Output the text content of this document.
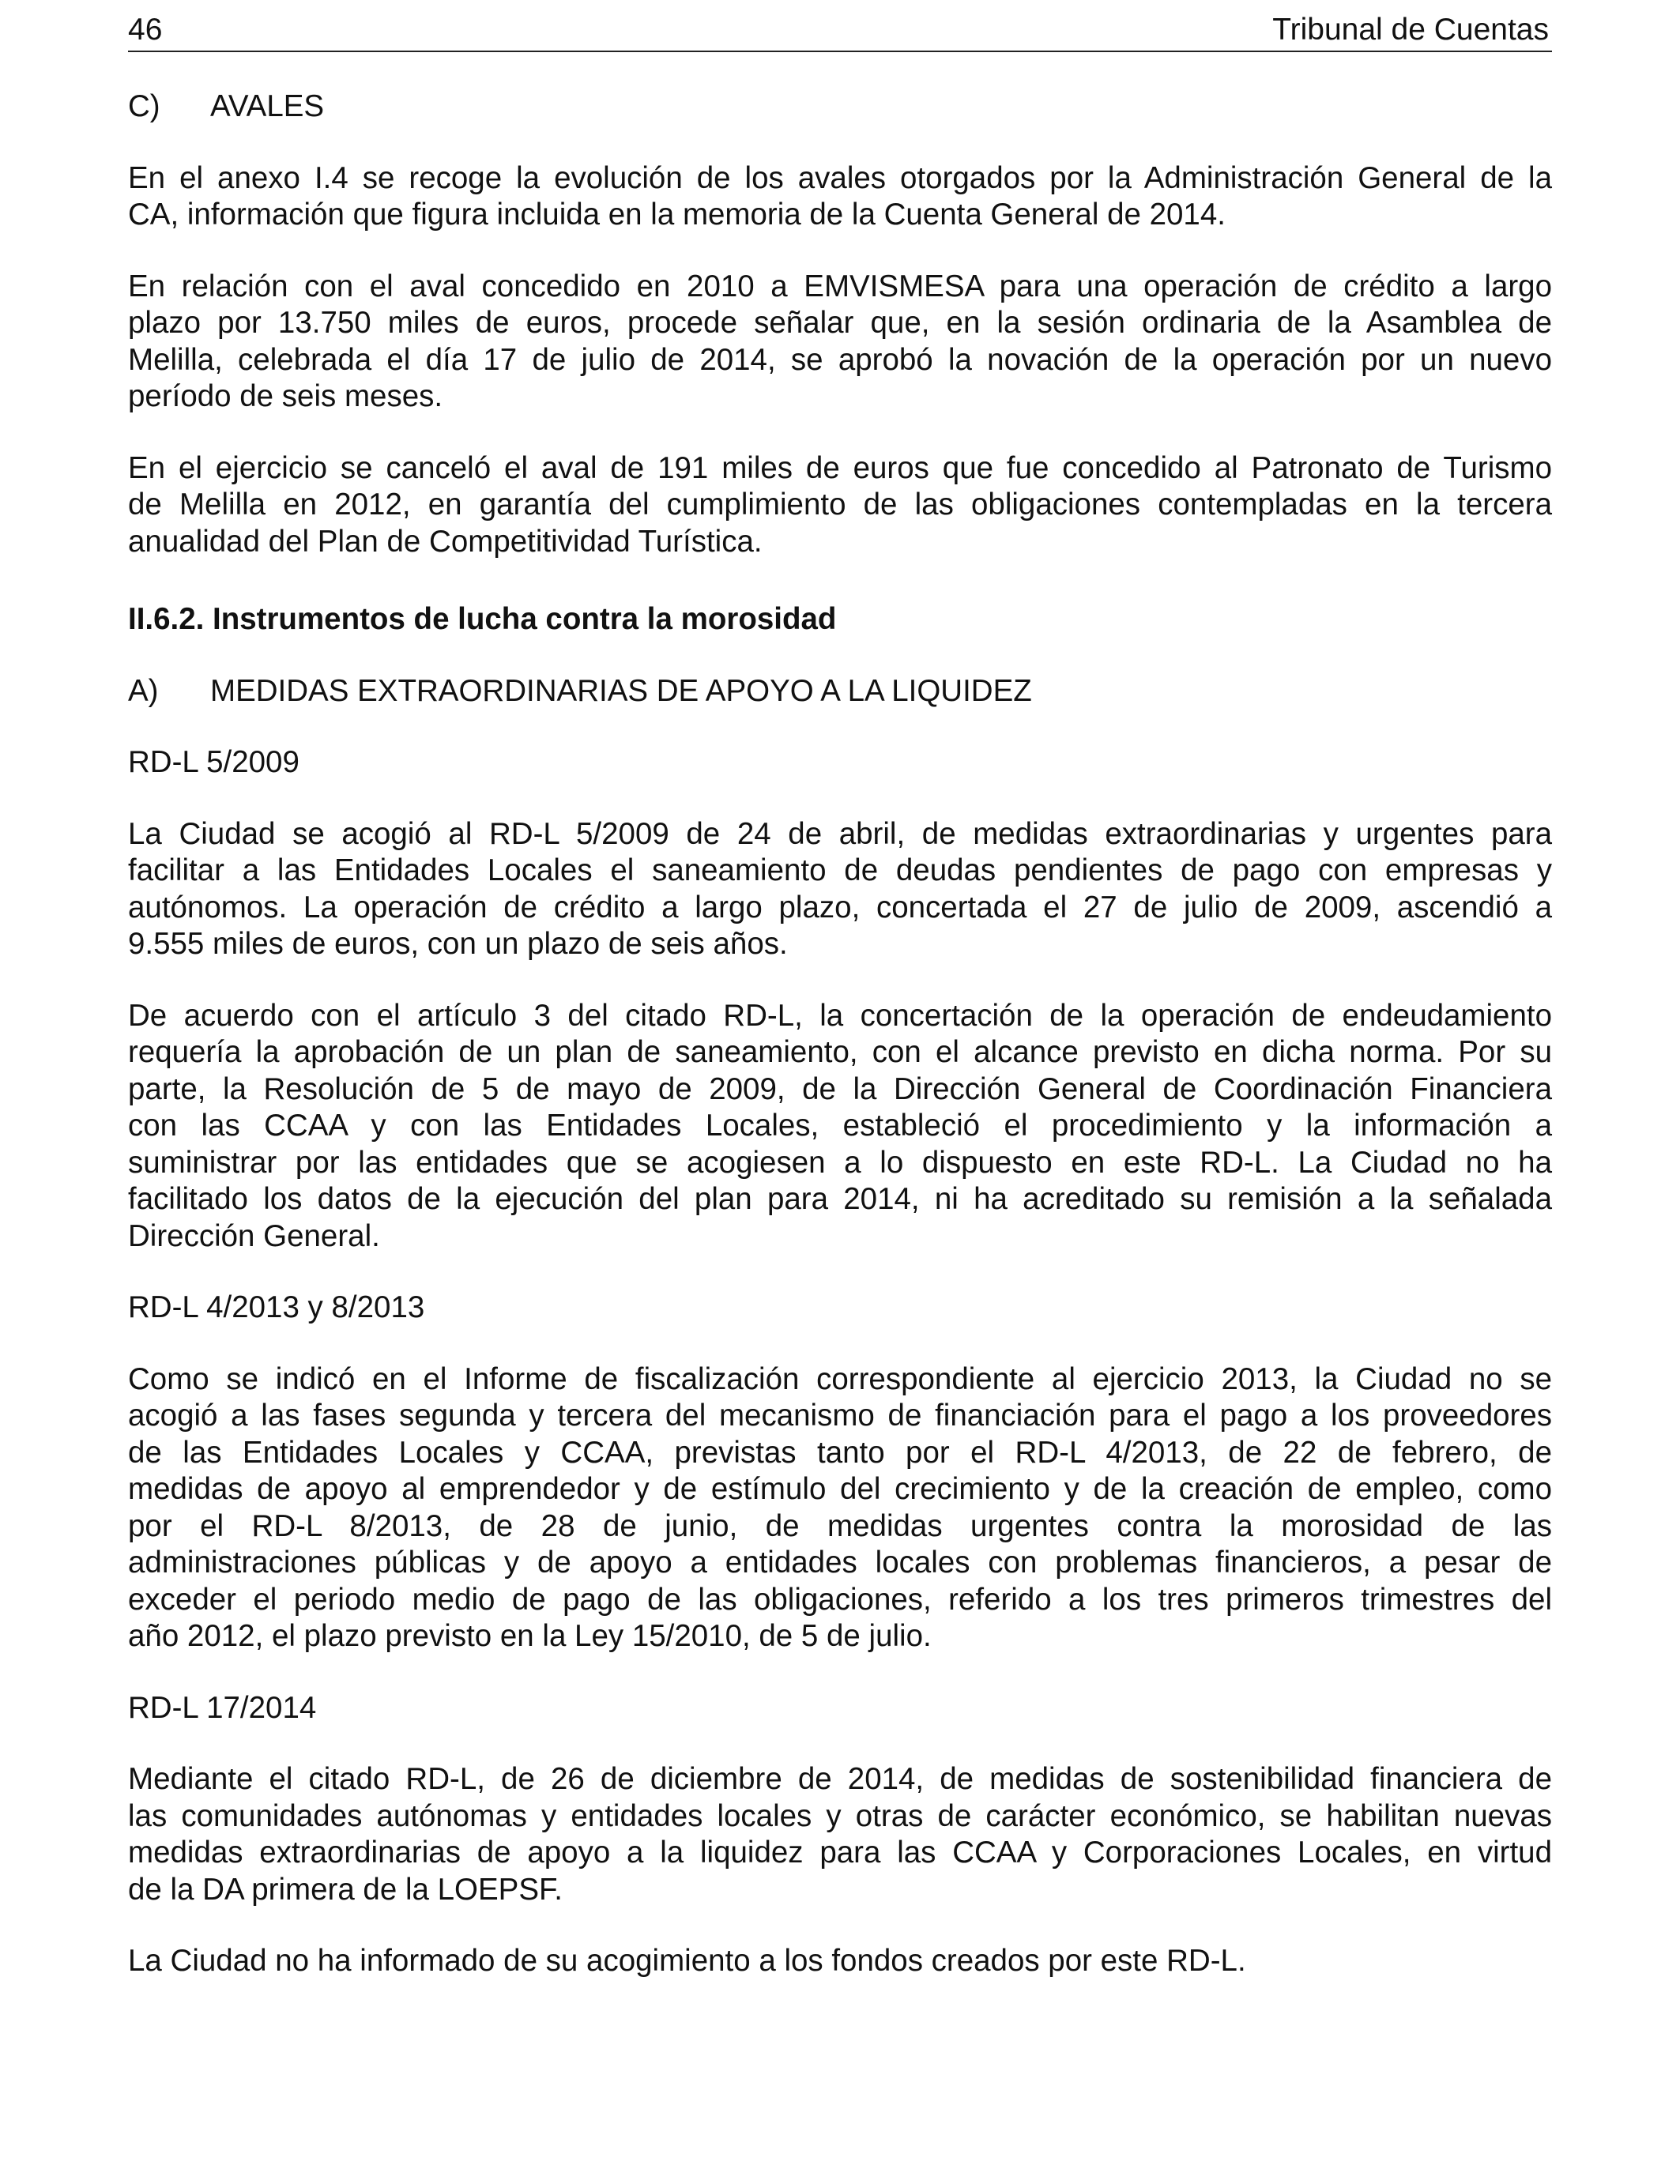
46	Tribunal de Cuentas
C) AVALES
En el anexo I.4 se recoge la evolución de los avales otorgados por la Administración General de la
CA, información que figura incluida en la memoria de la Cuenta General de 2014.
En relación con el aval concedido en 2010 a EMVISMESA para una operación de crédito a largo
plazo por 13.750 miles de euros, procede señalar que, en la sesión ordinaria de la Asamblea de
Melilla, celebrada el día 17 de julio de 2014, se aprobó la novación de la operación por un nuevo
período de seis meses.
En el ejercicio se canceló el aval de 191 miles de euros que fue concedido al Patronato de Turismo
de Melilla en 2012, en garantía del cumplimiento de las obligaciones contempladas en la tercera
anualidad del Plan de Competitividad Turística.
II.6.2. Instrumentos de lucha contra la morosidad
A) MEDIDAS EXTRAORDINARIAS DE APOYO A LA LIQUIDEZ
RD-L 5/2009
La Ciudad se acogió al RD-L 5/2009 de 24 de abril, de medidas extraordinarias y urgentes para
facilitar a las Entidades Locales el saneamiento de deudas pendientes de pago con empresas y
autónomos. La operación de crédito a largo plazo, concertada el 27 de julio de 2009, ascendió a
9.555 miles de euros, con un plazo de seis años.
De acuerdo con el artículo 3 del citado RD-L, la concertación de la operación de endeudamiento
requería la aprobación de un plan de saneamiento, con el alcance previsto en dicha norma. Por su
parte, la Resolución de 5 de mayo de 2009, de la Dirección General de Coordinación Financiera
con las CCAA y con las Entidades Locales, estableció el procedimiento y la información a
suministrar por las entidades que se acogiesen a lo dispuesto en este RD-L. La Ciudad no ha
facilitado los datos de la ejecución del plan para 2014, ni ha acreditado su remisión a la señalada
Dirección General.
RD-L 4/2013 y 8/2013
Como se indicó en el Informe de fiscalización correspondiente al ejercicio 2013, la Ciudad no se
acogió a las fases segunda y tercera del mecanismo de financiación para el pago a los proveedores
de las Entidades Locales y CCAA, previstas tanto por el RD-L 4/2013, de 22 de febrero, de
medidas de apoyo al emprendedor y de estímulo del crecimiento y de la creación de empleo, como
por el RD-L 8/2013, de 28 de junio, de medidas urgentes contra la morosidad de las
administraciones públicas y de apoyo a entidades locales con problemas financieros, a pesar de
exceder el periodo medio de pago de las obligaciones, referido a los tres primeros trimestres del
año 2012, el plazo previsto en la Ley 15/2010, de 5 de julio.
RD-L 17/2014
Mediante el citado RD-L, de 26 de diciembre de 2014, de medidas de sostenibilidad financiera de
las comunidades autónomas y entidades locales y otras de carácter económico, se habilitan nuevas
medidas extraordinarias de apoyo a la liquidez para las CCAA y Corporaciones Locales, en virtud
de la DA primera de la LOEPSF.
La Ciudad no ha informado de su acogimiento a los fondos creados por este RD-L.
